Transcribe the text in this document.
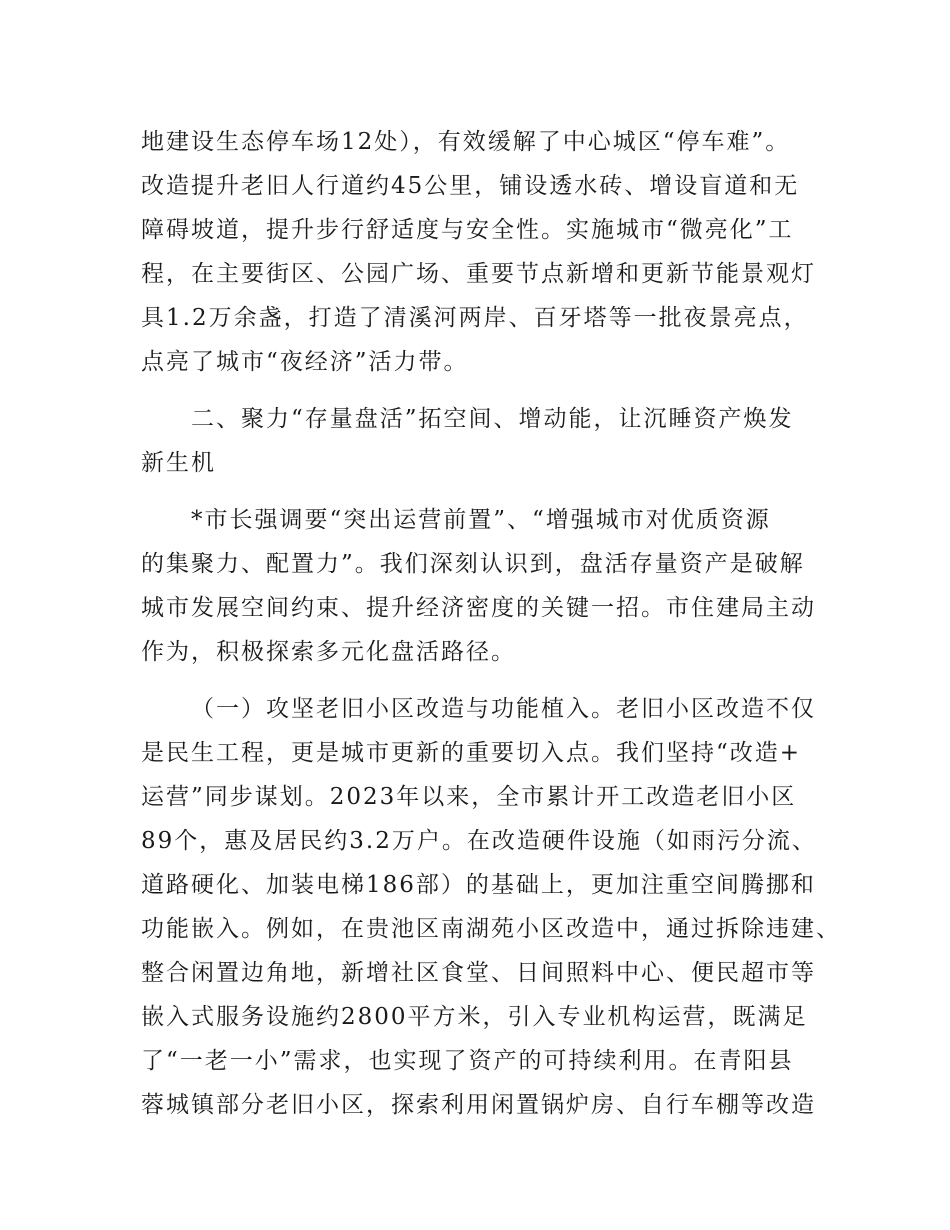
地建设生态停车场12处），有效缓解了中心城区“停车难”。
改造提升老旧人行道约45公里，铺设透水砖、增设盲道和无
障碍坡道，提升步行舒适度与安全性。实施城市“微亮化”工
程，在主要街区、公园广场、重要节点新增和更新节能景观灯
具1.2万余盏，打造了清溪河两岸、百牙塔等一批夜景亮点，
点亮了城市“夜经济”活力带。
二、聚力“存量盘活”拓空间、增动能，让沉睡资产焕发
新生机
*市长强调要“突出运营前置”、“增强城市对优质资源
的集聚力、配置力”。我们深刻认识到，盘活存量资产是破解
城市发展空间约束、提升经济密度的关键一招。市住建局主动
作为，积极探索多元化盘活路径。
（一）攻坚老旧小区改造与功能植入。老旧小区改造不仅
是民生工程，更是城市更新的重要切入点。我们坚持“改造+
运营”同步谋划。2023年以来，全市累计开工改造老旧小区
89个，惠及居民约3.2万户。在改造硬件设施（如雨污分流、
道路硬化、加装电梯186部）的基础上，更加注重空间腾挪和
功能嵌入。例如，在贵池区南湖苑小区改造中，通过拆除违建、
整合闲置边角地，新增社区食堂、日间照料中心、便民超市等
嵌入式服务设施约2800平方米，引入专业机构运营，既满足
了“一老一小”需求，也实现了资产的可持续利用。在青阳县
蓉城镇部分老旧小区，探索利用闲置锅炉房、自行车棚等改造
